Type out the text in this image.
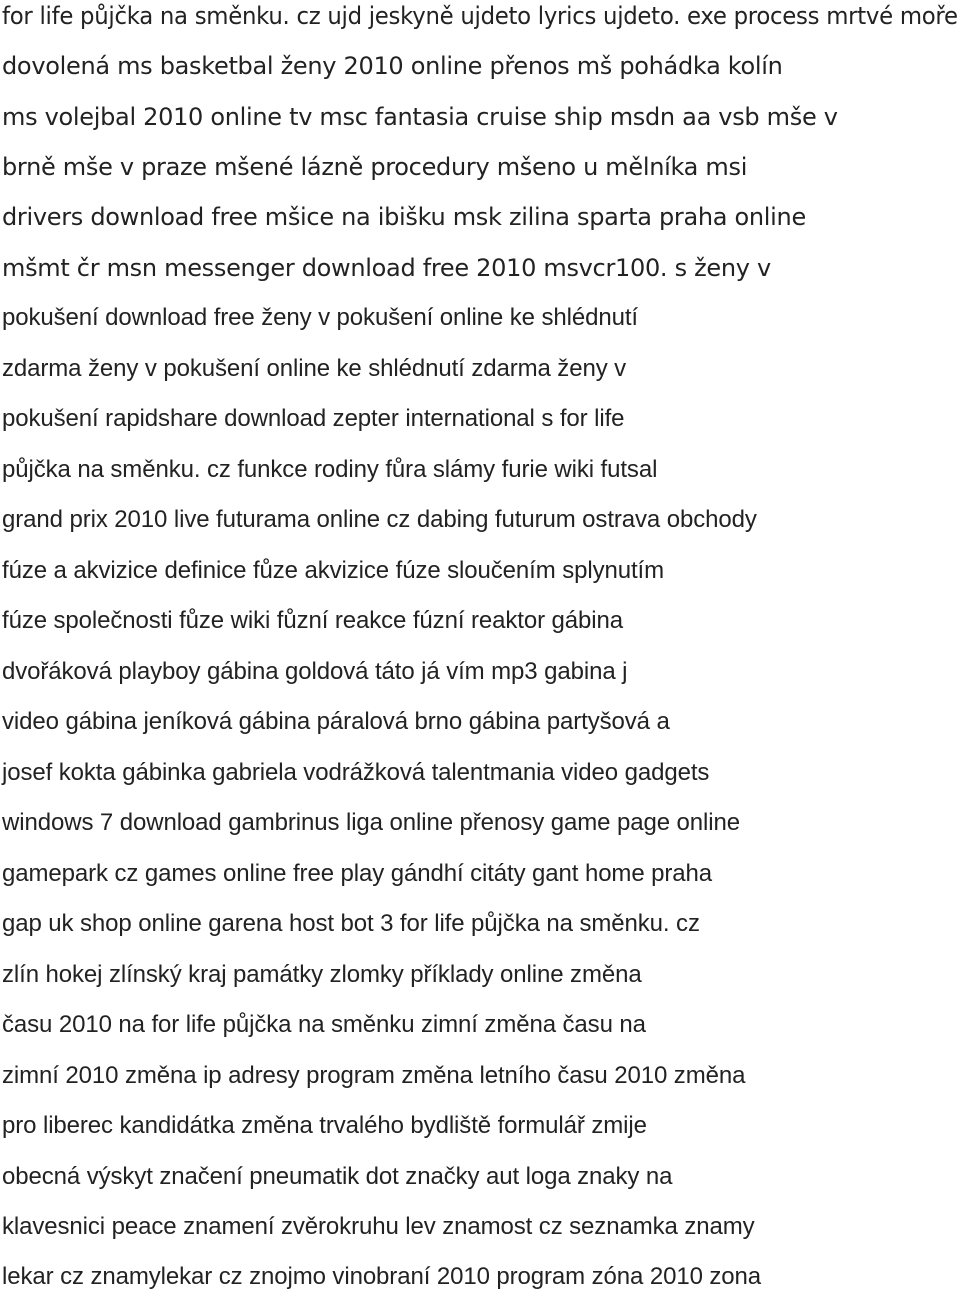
for life půjčka na směnku. cz ujd jeskyně ujdeto lyrics ujdeto. exe process mrtvé moře
dovolená ms basketbal ženy 2010 online přenos mš pohádka kolín
ms volejbal 2010 online tv msc fantasia cruise ship msdn aa vsb mše v
brně mše v praze mšené lázně procedury mšeno u mělníka msi
drivers download free mšice na ibišku msk zilina sparta praha online
mšmt čr msn messenger download free 2010 msvcr100. s ženy v
pokušení download free ženy v pokušení online ke shlédnutí
zdarma ženy v pokušení online ke shlédnutí zdarma ženy v
pokušení rapidshare download zepter international s for life
půjčka na směnku. cz funkce rodiny fůra slámy furie wiki futsal
grand prix 2010 live futurama online cz dabing futurum ostrava obchody
fúze a akvizice definice fůze akvizice fúze sloučením splynutím
fúze společnosti fůze wiki fůzní reakce fúzní reaktor gábina
dvořáková playboy gábina goldová táto já vím mp3 gabina j
video gábina jeníková gábina páralová brno gábina partyšová a
josef kokta gábinka gabriela vodrážková talentmania video gadgets
windows 7 download gambrinus liga online přenosy game page online
gamepark cz games online free play gándhí citáty gant home praha
gap uk shop online garena host bot 3 for life půjčka na směnku. cz
zlín hokej zlínský kraj památky zlomky příklady online změna
času 2010 na for life půjčka na směnku zimní změna času na
zimní 2010 změna ip adresy program změna letního času 2010 změna
pro liberec kandidátka změna trvalého bydliště formulář zmije
obecná výskyt značení pneumatik dot značky aut loga znaky na
klavesnici peace znamení zvěrokruhu lev znamost cz seznamka znamy
lekar cz znamylekar cz znojmo vinobraní 2010 program zóna 2010 zona
